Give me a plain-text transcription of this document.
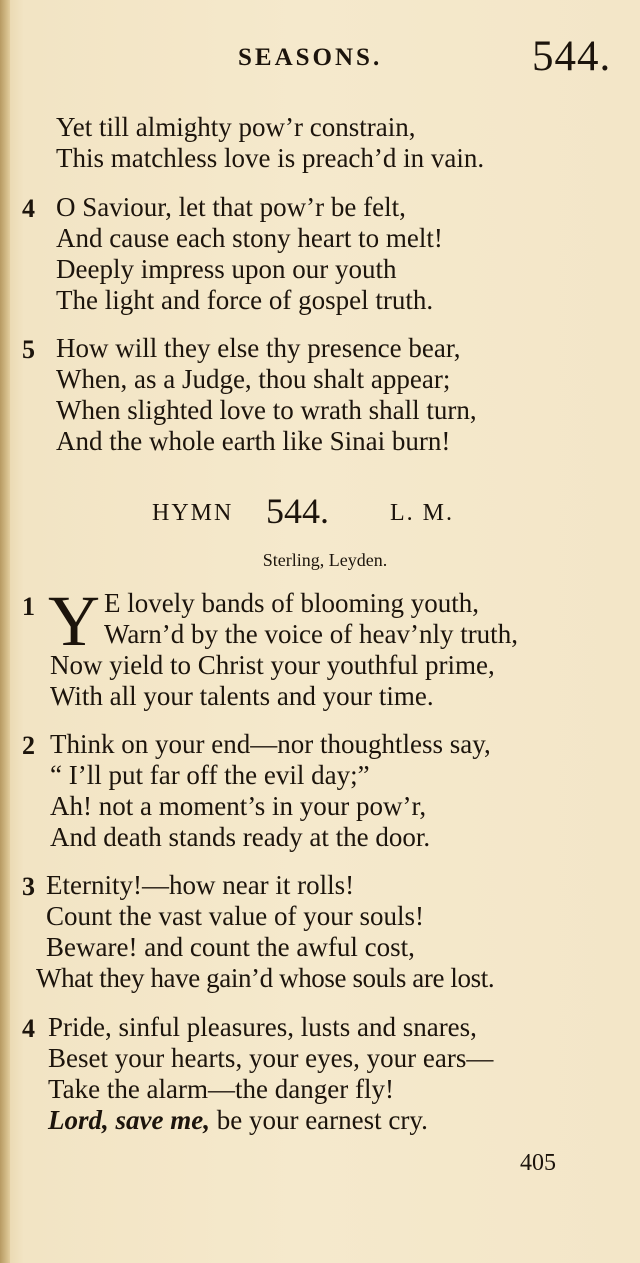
SEASONS.	544.
Yet till almighty pow’r constrain,
This matchless love is preach’d in vain.
4 O Saviour, let that pow’r be felt,
And cause each stony heart to melt!
Deeply impress upon our youth
The light and force of gospel truth.
5 How will they else thy presence bear,
When, as a Judge, thou shalt appear;
When slighted love to wrath shall turn,
And the whole earth like Sinai burn!
HYMN 544.	L. M.
Sterling, Leyden.
Y
1	E lovely bands of blooming youth,
Warn’d by the voice of heav’nly truth,
Now yield to Christ your youthful prime,
With all your talents and your time.
2 Think on your end—nor thoughtless say,
“ I’ll put far off the evil day;”
Ah! not a moment’s in your pow’r,
And death stands ready at the door.
3 Eternity!—how near it rolls!
Count the vast value of your souls!
Beware! and count the awful cost,
What they have gain’d whose souls are lost.
4 Pride, sinful pleasures, lusts and snares,
Beset your hearts, your eyes, your ears—
Take the alarm—the danger fly!
Lord, save me, be your earnest cry.
405
